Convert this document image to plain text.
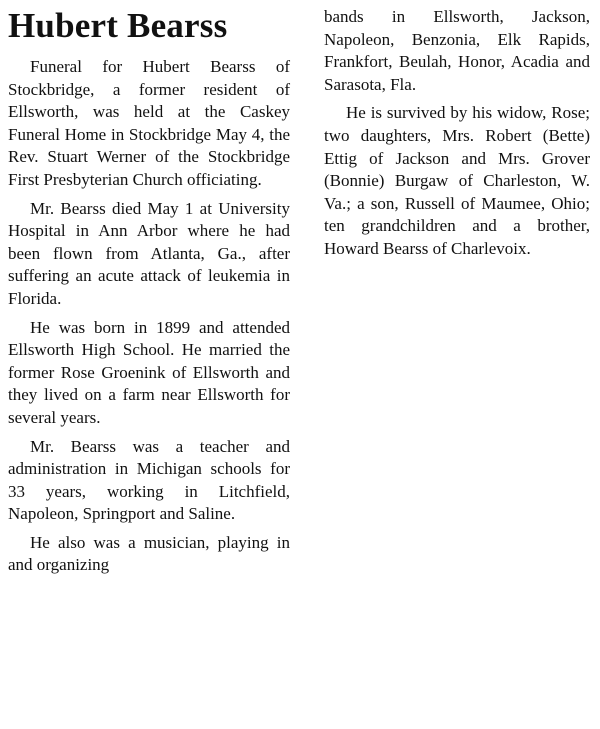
Hubert Bearss

Funeral for Hubert Bearss of Stockbridge, a former resident of Ellsworth, was held at the Caskey Funeral Home in Stockbridge May 4, the Rev. Stuart Werner of the Stockbridge First Presbyterian Church officiating.

Mr. Bearss died May 1 at University Hospital in Ann Arbor where he had been flown from Atlanta, Ga., after suffering an acute attack of leukemia in Florida.

He was born in 1899 and attended Ellsworth High School. He married the former Rose Groenink of Ellsworth and they lived on a farm near Ellsworth for several years.

Mr. Bearss was a teacher and administration in Michigan schools for 33 years, working in Litchfield, Napoleon, Springport and Saline.

He also was a musician, playing in and organizing

bands in Ellsworth, Jackson, Napoleon, Benzonia, Elk Rapids, Frankfort, Beulah, Honor, Acadia and Sarasota, Fla.

He is survived by his widow, Rose; two daughters, Mrs. Robert (Bette) Ettig of Jackson and Mrs. Grover (Bonnie) Burgaw of Charleston, W. Va.; a son, Russell of Maumee, Ohio; ten grandchildren and a brother, Howard Bearss of Charlevoix.
